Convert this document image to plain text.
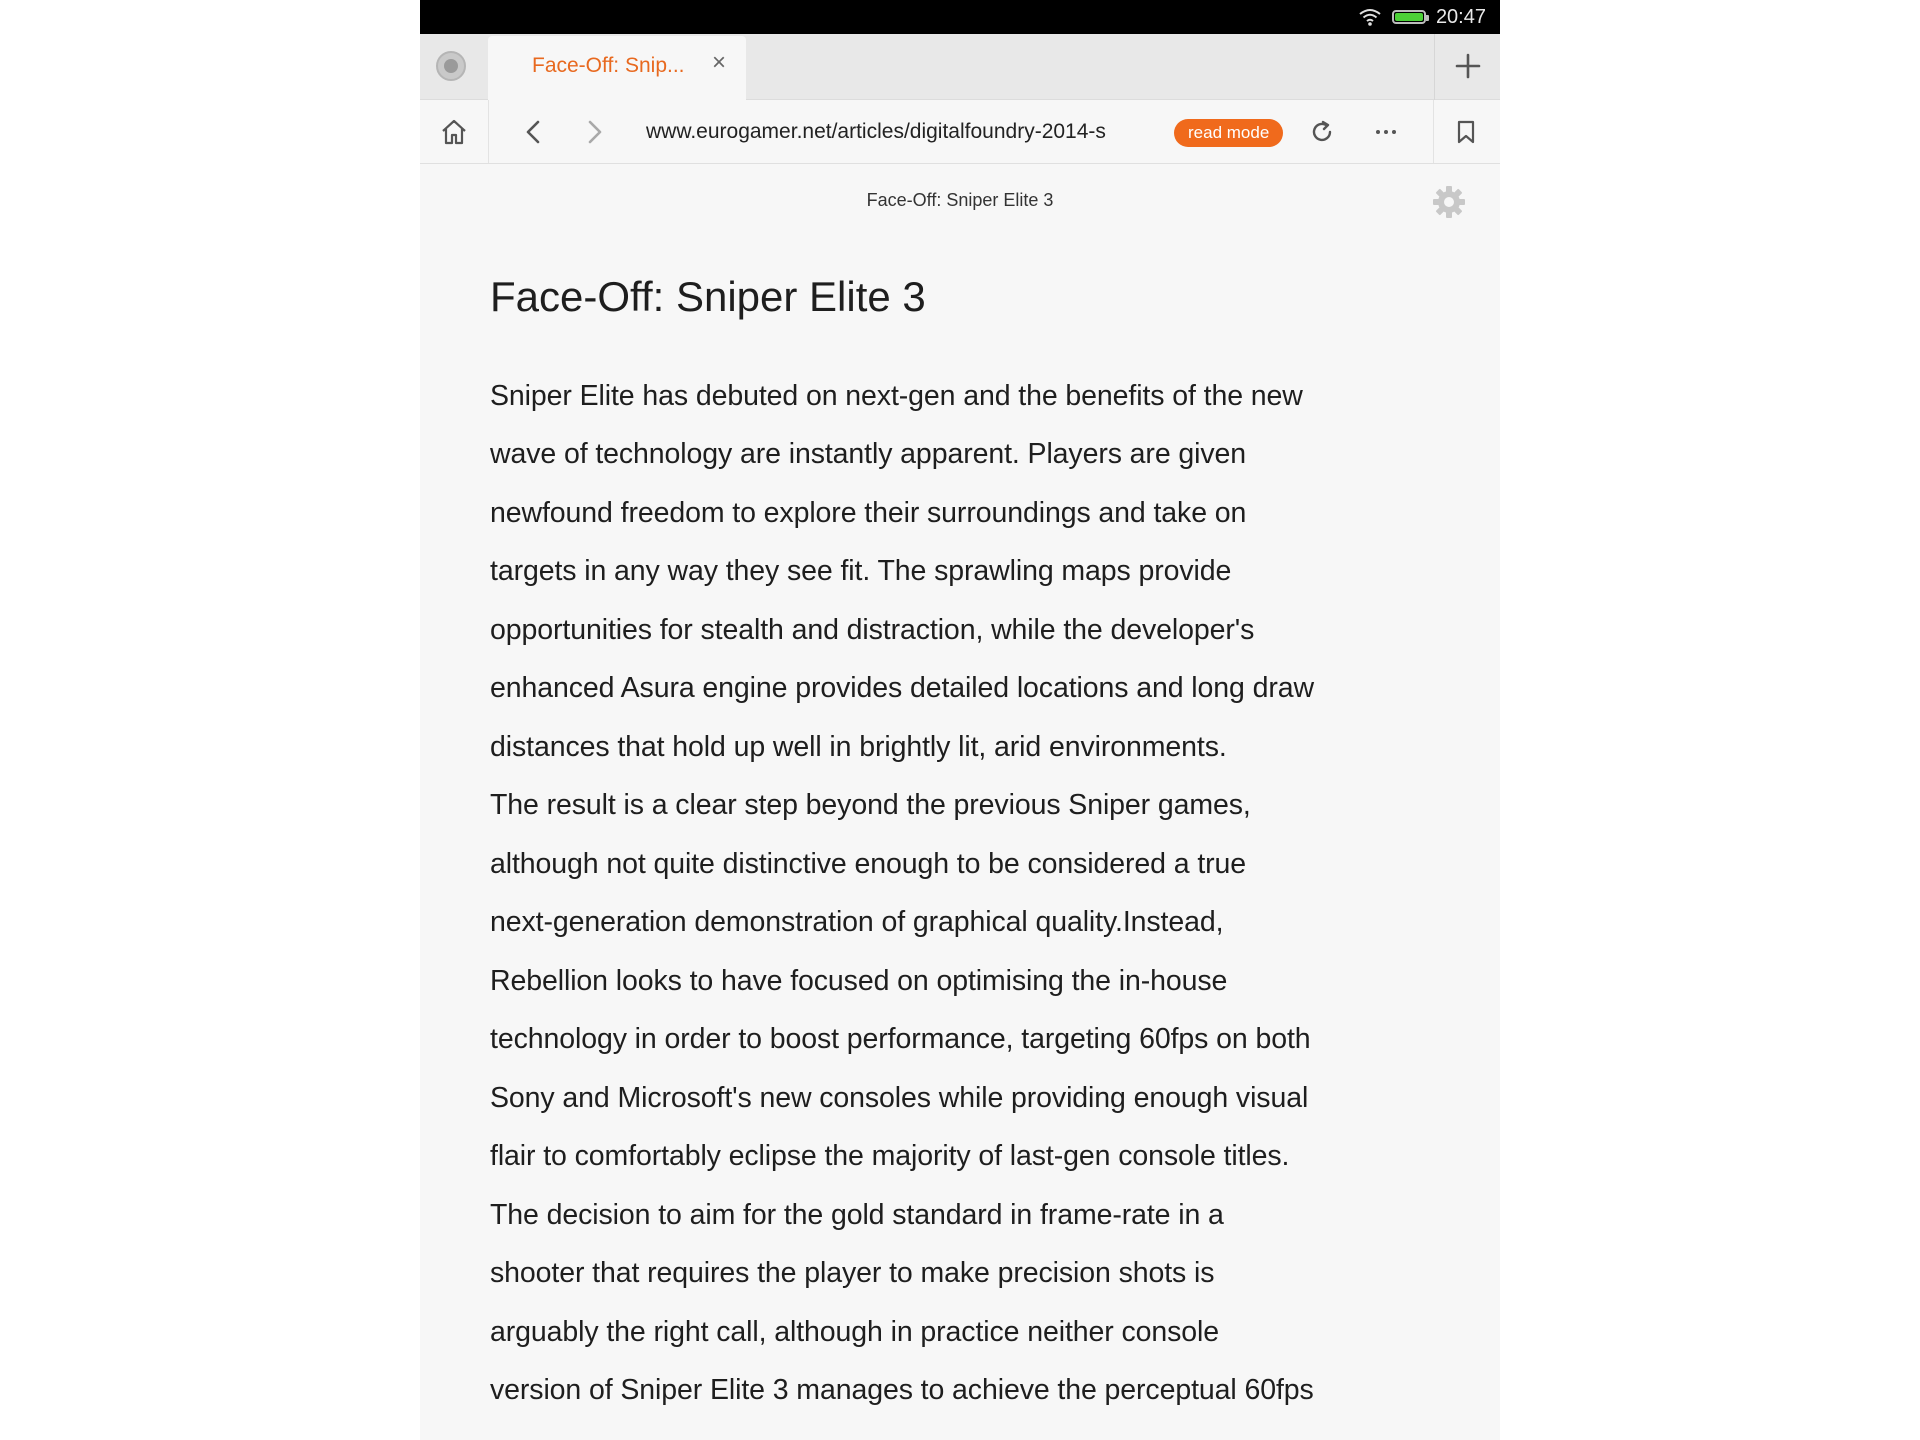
20:47
Face-Off: Snip... ×
www.eurogamer.net/articles/digitalfoundry-2014-s	read mode
Face-Off: Sniper Elite 3
Face-Off: Sniper Elite 3
Sniper Elite has debuted on next-gen and the benefits of the new
wave of technology are instantly apparent. Players are given
newfound freedom to explore their surroundings and take on
targets in any way they see fit. The sprawling maps provide
opportunities for stealth and distraction, while the developer's
enhanced Asura engine provides detailed locations and long draw
distances that hold up well in brightly lit, arid environments.
The result is a clear step beyond the previous Sniper games,
although not quite distinctive enough to be considered a true
next-generation demonstration of graphical quality.Instead,
Rebellion looks to have focused on optimising the in-house
technology in order to boost performance, targeting 60fps on both
Sony and Microsoft's new consoles while providing enough visual
flair to comfortably eclipse the majority of last-gen console titles.
The decision to aim for the gold standard in frame-rate in a
shooter that requires the player to make precision shots is
arguably the right call, although in practice neither console
version of Sniper Elite 3 manages to achieve the perceptual 60fps
